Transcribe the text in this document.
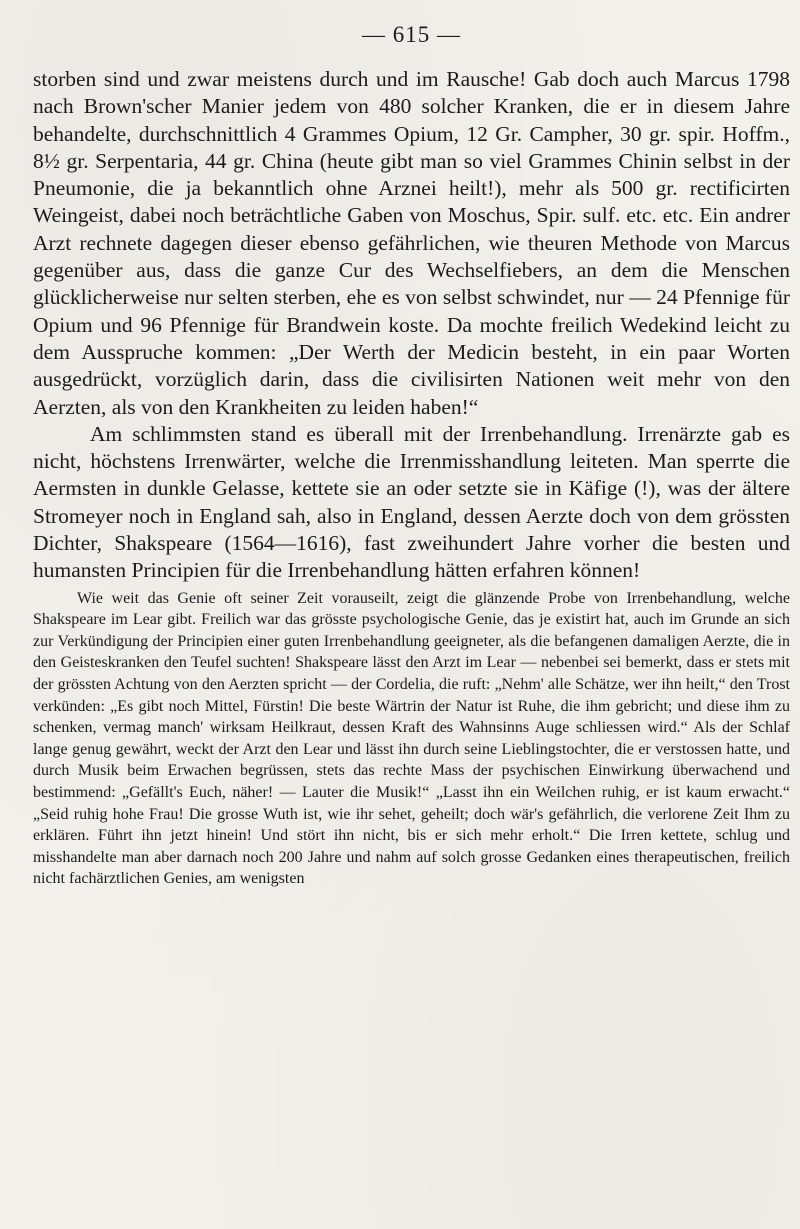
— 615 —

storben sind und zwar meistens durch und im Rausche! Gab doch auch Marcus 1798 nach Brown'scher Manier jedem von 480 solcher Kranken, die er in diesem Jahre behandelte, durchschnittlich 4 Grammes Opium, 12 Gr. Campher, 30 gr. spir. Hoffm., 8½ gr. Serpentaria, 44 gr. China (heute gibt man so viel Grammes Chinin selbst in der Pneumonie, die ja bekanntlich ohne Arznei heilt!), mehr als 500 gr. rectificirten Weingeist, dabei noch beträchtliche Gaben von Moschus, Spir. sulf. etc. etc. Ein andrer Arzt rechnete dagegen dieser ebenso gefährlichen, wie theuren Methode von Marcus gegenüber aus, dass die ganze Cur des Wechselfiebers, an dem die Menschen glücklicherweise nur selten sterben, ehe es von selbst schwindet, nur — 24 Pfennige für Opium und 96 Pfennige für Brandwein koste. Da mochte freilich Wedekind leicht zu dem Ausspruche kommen: „Der Werth der Medicin besteht, in ein paar Worten ausgedrückt, vorzüglich darin, dass die civilisirten Nationen weit mehr von den Aerzten, als von den Krankheiten zu leiden haben!“

Am schlimmsten stand es überall mit der Irrenbehandlung. Irrenärzte gab es nicht, höchstens Irrenwärter, welche die Irrenmisshandlung leiteten. Man sperrte die Aermsten in dunkle Gelasse, kettete sie an oder setzte sie in Käfige (!), was der ältere Stromeyer noch in England sah, also in England, dessen Aerzte doch von dem grössten Dichter, Shakspeare (1564—1616), fast zweihundert Jahre vorher die besten und humansten Principien für die Irrenbehandlung hätten erfahren können!

Wie weit das Genie oft seiner Zeit vorauseilt, zeigt die glänzende Probe von Irrenbehandlung, welche Shakspeare im Lear gibt. Freilich war das grösste psychologische Genie, das je existirt hat, auch im Grunde an sich zur Verkündigung der Principien einer guten Irrenbehandlung geeigneter, als die befangenen damaligen Aerzte, die in den Geisteskranken den Teufel suchten! Shakspeare lässt den Arzt im Lear — nebenbei sei bemerkt, dass er stets mit der grössten Achtung von den Aerzten spricht — der Cordelia, die ruft: „Nehm' alle Schätze, wer ihn heilt,“ den Trost verkünden: „Es gibt noch Mittel, Fürstin! Die beste Wärtrin der Natur ist Ruhe, die ihm gebricht; und diese ihm zu schenken, vermag manch' wirksam Heilkraut, dessen Kraft des Wahnsinns Auge schliessen wird.“ Als der Schlaf lange genug gewährt, weckt der Arzt den Lear und lässt ihn durch seine Lieblingstochter, die er verstossen hatte, und durch Musik beim Erwachen begrüssen, stets das rechte Mass der psychischen Einwirkung überwachend und bestimmend: „Gefällt's Euch, näher! — Lauter die Musik!“ „Lasst ihn ein Weilchen ruhig, er ist kaum erwacht.“ „Seid ruhig hohe Frau! Die grosse Wuth ist, wie ihr sehet, geheilt; doch wär's gefährlich, die verlorene Zeit Ihm zu erklären. Führt ihn jetzt hinein! Und stört ihn nicht, bis er sich mehr erholt.“ Die Irren kettete, schlug und misshandelte man aber darnach noch 200 Jahre und nahm auf solch grosse Gedanken eines therapeutischen, freilich nicht fachärztlichen Genies, am wenigsten
